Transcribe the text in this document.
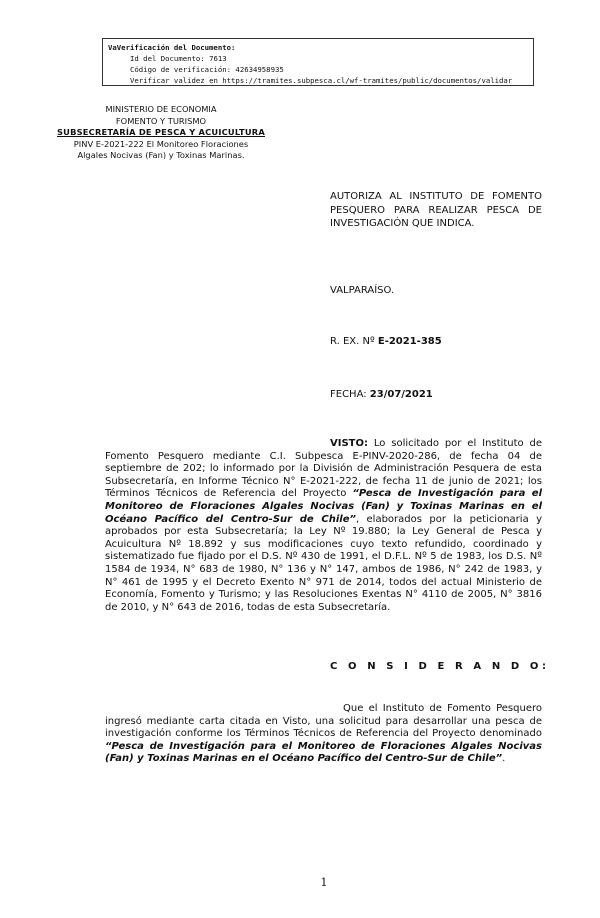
VaVerificación del Documento:
• Id del Documento: 7613
• Código de verificación: 42634958935
• Verificar validez en https://tramites.subpesca.cl/wf-tramites/public/documentos/validar
MINISTERIO DE ECONOMIA
FOMENTO Y TURISMO
SUBSECRETARÍA DE PESCA Y ACUICULTURA
PINV E-2021-222 El Monitoreo Floraciones
Algales Nocivas (Fan) y Toxinas Marinas.
AUTORIZA AL INSTITUTO DE FOMENTO PESQUERO PARA REALIZAR PESCA DE INVESTIGACIÓN QUE INDICA.
VALPARAÍSO.
R. EX. Nº E-2021-385
FECHA: 23/07/2021
VISTO: Lo solicitado por el Instituto de Fomento Pesquero mediante C.I. Subpesca E-PINV-2020-286, de fecha 04 de septiembre de 202; lo informado por la División de Administración Pesquera de esta Subsecretaría, en Informe Técnico N° E-2021-222, de fecha 11 de junio de 2021; los Términos Técnicos de Referencia del Proyecto “Pesca de Investigación para el Monitoreo de Floraciones Algales Nocivas (Fan) y Toxinas Marinas en el Océano Pacífico del Centro-Sur de Chile”, elaborados por la peticionaria y aprobados por esta Subsecretaría; la Ley Nº 19.880; la Ley General de Pesca y Acuicultura Nº 18.892 y sus modificaciones cuyo texto refundido, coordinado y sistematizado fue fijado por el D.S. Nº 430 de 1991, el D.F.L. Nº 5 de 1983, los D.S. Nº 1584 de 1934, N° 683 de 1980, N° 136 y N° 147, ambos de 1986, N° 242 de 1983, y N° 461 de 1995 y el Decreto Exento N° 971 de 2014, todos del actual Ministerio de Economía, Fomento y Turismo; y las Resoluciones Exentas N° 4110 de 2005, N° 3816 de 2010, y N° 643 de 2016, todas de esta Subsecretaría.
C O N S I D E R A N D O:
Que el Instituto de Fomento Pesquero ingresó mediante carta citada en Visto, una solicitud para desarrollar una pesca de investigación conforme los Términos Técnicos de Referencia del Proyecto denominado “Pesca de Investigación para el Monitoreo de Floraciones Algales Nocivas (Fan) y Toxinas Marinas en el Océano Pacífico del Centro-Sur de Chile”.
1
